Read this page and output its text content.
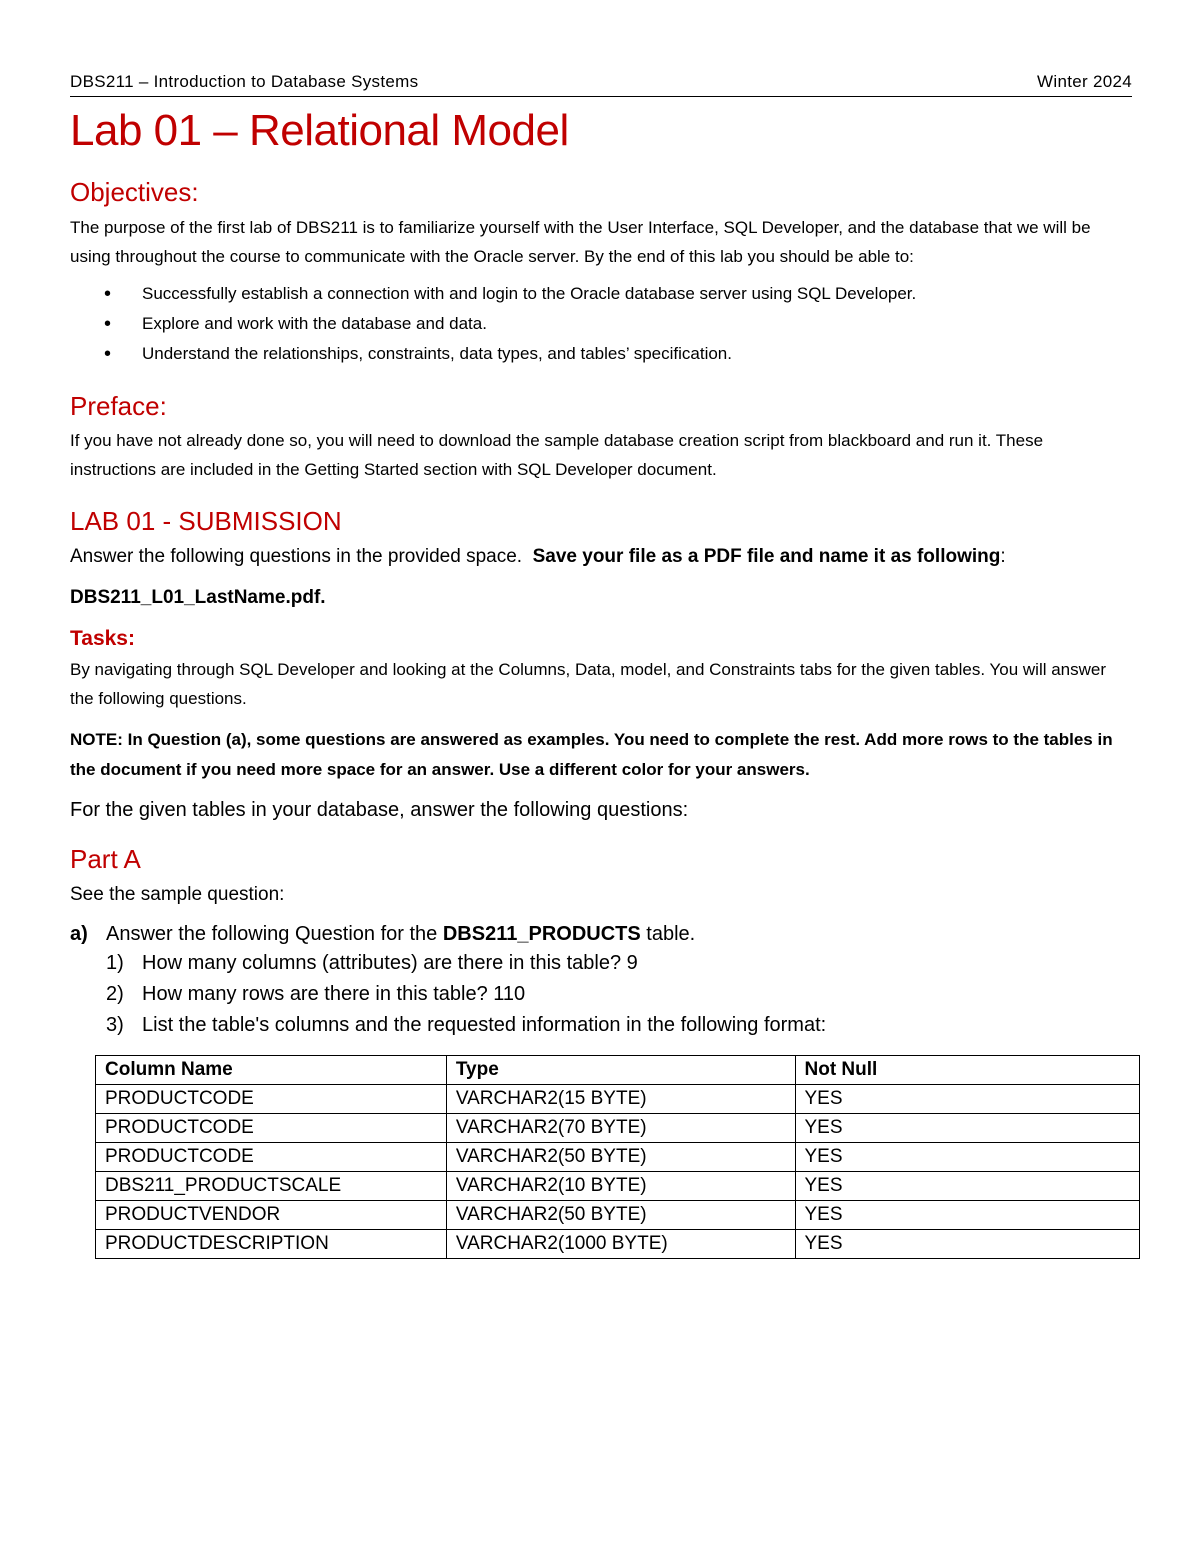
DBS211 – Introduction to Database Systems	Winter 2024
Lab 01 – Relational Model
Objectives:

The purpose of the first lab of DBS211 is to familiarize yourself with the User Interface, SQL Developer, and the database that we will be using throughout the course to communicate with the Oracle server. By the end of this lab you should be able to:

• Successfully establish a connection with and login to the Oracle database server using SQL Developer.
• Explore and work with the database and data.
• Understand the relationships, constraints, data types, and tables’ specification.
Preface:

If you have not already done so, you will need to download the sample database creation script from blackboard and run it. These instructions are included in the Getting Started section with SQL Developer document.

LAB 01 - SUBMISSION

Answer the following questions in the provided space.  Save your file as a PDF file and name it as following:

DBS211_L01_LastName.pdf.

Tasks:

By navigating through SQL Developer and looking at the Columns, Data, model, and Constraints tabs for the given tables. You will answer the following questions.

NOTE: In Question (a), some questions are answered as examples. You need to complete the rest. Add more rows to the tables in the document if you need more space for an answer. Use a different color for your answers.

For the given tables in your database, answer the following questions:

Part A

See the sample question:

a) Answer the following Question for the DBS211_PRODUCTS table.
1) How many columns (attributes) are there in this table? 9
2) How many rows are there in this table? 110
3) List the table's columns and the requested information in the following format:
Column Name	Type	Not Null
PRODUCTCODE	VARCHAR2(15 BYTE)	YES
PRODUCTCODE	VARCHAR2(70 BYTE)	YES
PRODUCTCODE	VARCHAR2(50 BYTE)	YES
DBS211_PRODUCTSCALE	VARCHAR2(10 BYTE)	YES
PRODUCTVENDOR	VARCHAR2(50 BYTE)	YES
PRODUCTDESCRIPTION	VARCHAR2(1000 BYTE)	YES
